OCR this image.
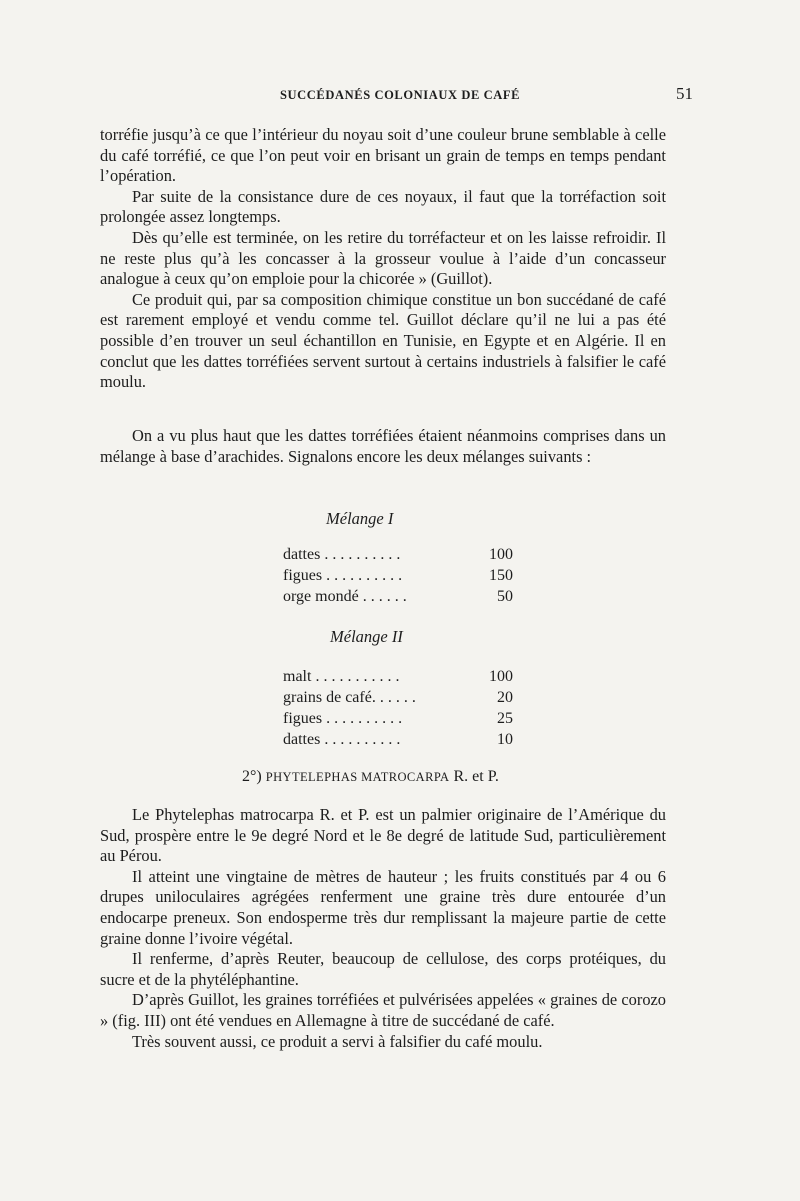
SUCCÉDANÉS COLONIAUX DE CAFÉ	51

torréfie jusqu’à ce que l’intérieur du noyau soit d’une couleur brune semblable à celle du café torréfié, ce que l’on peut voir en brisant un grain de temps en temps pendant l’opération.

Par suite de la consistance dure de ces noyaux, il faut que la torréfaction soit prolongée assez longtemps.

Dès qu’elle est terminée, on les retire du torréfacteur et on les laisse refroidir. Il ne reste plus qu’à les concasser à la grosseur voulue à l’aide d’un concasseur analogue à ceux qu’on emploie pour la chicorée » (Guillot).

Ce produit qui, par sa composition chimique constitue un bon succédané de café est rarement employé et vendu comme tel. Guillot déclare qu’il ne lui a pas été possible d’en trouver un seul échantillon en Tunisie, en Egypte et en Algérie. Il en conclut que les dattes torréfiées servent surtout à certains industriels à falsifier le café moulu.

On a vu plus haut que les dattes torréfiées étaient néanmoins comprises dans un mélange à base d’arachides. Signalons encore les deux mélanges suivants :

Mélange I
dattes . . . . . . . . . .	100
figues . . . . . . . . . .	150
orge mondé . . . . . .	50
Mélange II
malt . . . . . . . . . . .	100
grains de café. . . . . .	20
figues . . . . . . . . . .	25
dattes . . . . . . . . . .	10
2°) PHYTELEPHAS MATROCARPA R. et P.

Le Phytelephas matrocarpa R. et P. est un palmier originaire de l’Amérique du Sud, prospère entre le 9e degré Nord et le 8e degré de latitude Sud, particulièrement au Pérou.

Il atteint une vingtaine de mètres de hauteur ; les fruits constitués par 4 ou 6 drupes uniloculaires agrégées renferment une graine très dure entourée d’un endocarpe preneux. Son endosperme très dur remplissant la majeure partie de cette graine donne l’ivoire végétal.

Il renferme, d’après Reuter, beaucoup de cellulose, des corps protéiques, du sucre et de la phytéléphantine.

D’après Guillot, les graines torréfiées et pulvérisées appelées « graines de corozo » (fig. III) ont été vendues en Allemagne à titre de succédané de café.

Très souvent aussi, ce produit a servi à falsifier du café moulu.
